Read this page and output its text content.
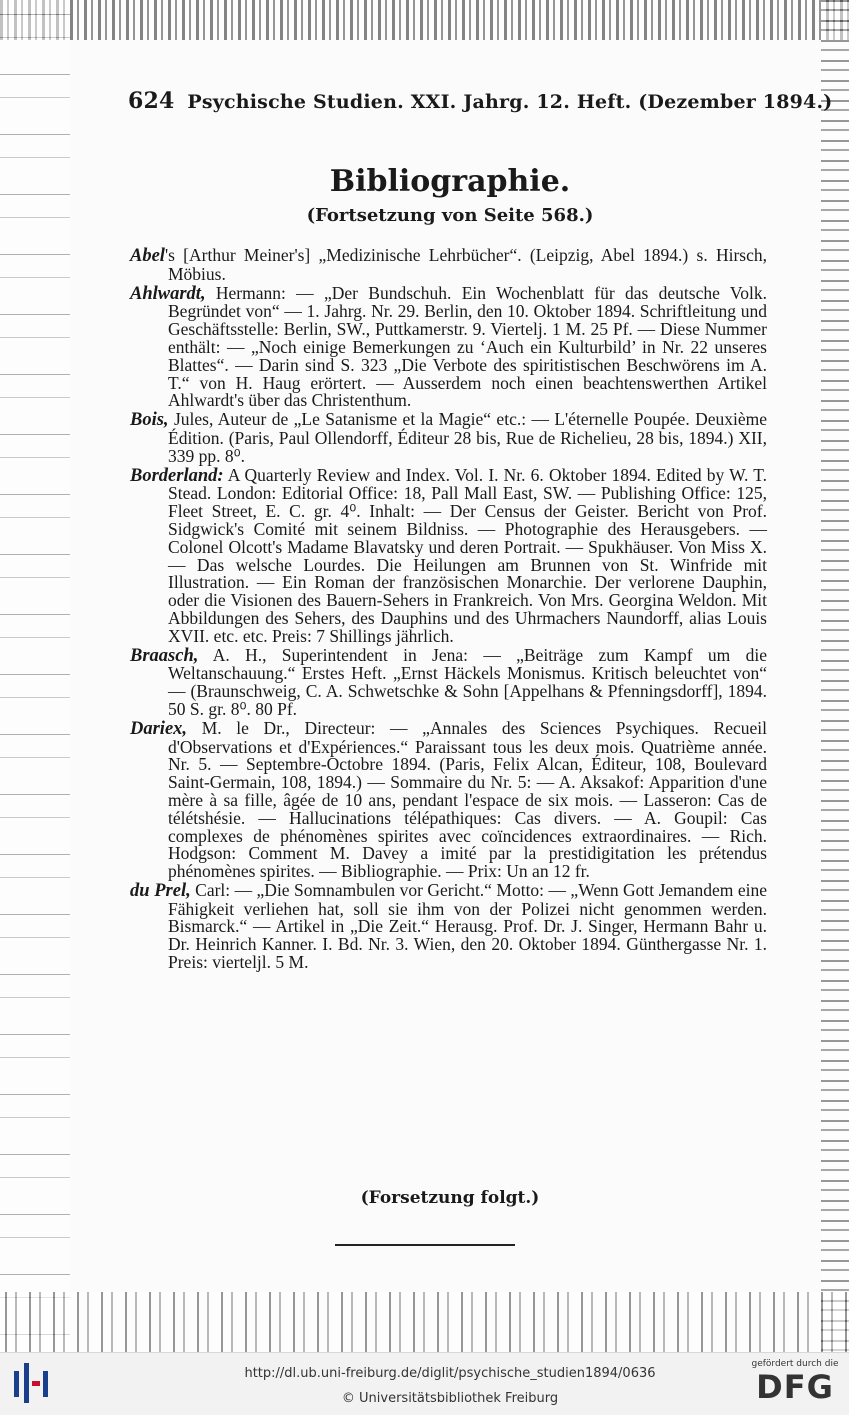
624 Psychische Studien. XXI. Jahrg. 12. Heft. (Dezember 1894.)
Bibliographie.
(Fortsetzung von Seite 568.)

Abel's [Arthur Meiner's] „Medizinische Lehrbücher“. (Leipzig, Abel 1894.) s. Hirsch, Möbius.

Ahlwardt, Hermann: — „Der Bundschuh. Ein Wochenblatt für das deutsche Volk. Begründet von“ — 1. Jahrg. Nr. 29. Berlin, den 10. Oktober 1894. Schriftleitung und Geschäftsstelle: Berlin, SW., Puttkamerstr. 9. Viertelj. 1 M. 25 Pf. — Diese Nummer enthält: — „Noch einige Bemerkungen zu ‘Auch ein Kulturbild’ in Nr. 22 unseres Blattes“. — Darin sind S. 323 „Die Verbote des spiritistischen Beschwörens im A. T.“ von H. Haug erörtert. — Ausserdem noch einen beachtenswerthen Artikel Ahlwardt's über das Christenthum.

Bois, Jules, Auteur de „Le Satanisme et la Magie“ etc.: — L'éternelle Poupée. Deuxième Édition. (Paris, Paul Ollendorff, Éditeur 28 bis, Rue de Richelieu, 28 bis, 1894.) XII, 339 pp. 8⁰.

Borderland: A Quarterly Review and Index. Vol. I. Nr. 6. Oktober 1894. Edited by W. T. Stead. London: Editorial Office: 18, Pall Mall East, SW. — Publishing Office: 125, Fleet Street, E. C. gr. 4⁰. Inhalt: — Der Census der Geister. Bericht von Prof. Sidgwick's Comité mit seinem Bildniss. — Photographie des Herausgebers. — Colonel Olcott's Madame Blavatsky und deren Portrait. — Spukhäuser. Von Miss X. — Das welsche Lourdes. Die Heilungen am Brunnen von St. Winfride mit Illustration. — Ein Roman der französischen Monarchie. Der verlorene Dauphin, oder die Visionen des Bauern-Sehers in Frankreich. Von Mrs. Georgina Weldon. Mit Abbildungen des Sehers, des Dauphins und des Uhrmachers Naundorff, alias Louis XVII. etc. etc. Preis: 7 Shillings jährlich.

Braasch, A. H., Superintendent in Jena: — „Beiträge zum Kampf um die Weltanschauung.“ Erstes Heft. „Ernst Häckels Monismus. Kritisch beleuchtet von“ — (Braunschweig, C. A. Schwetschke & Sohn [Appelhans & Pfenningsdorff], 1894. 50 S. gr. 8⁰. 80 Pf.

Dariex, M. le Dr., Directeur: — „Annales des Sciences Psychiques. Recueil d'Observations et d'Expériences.“ Paraissant tous les deux mois. Quatrième année. Nr. 5. — Septembre-Octobre 1894. (Paris, Felix Alcan, Éditeur, 108, Boulevard Saint-Germain, 108, 1894.) — Sommaire du Nr. 5: — A. Aksakof: Apparition d'une mère à sa fille, âgée de 10 ans, pendant l'espace de six mois. — Lasseron: Cas de télétshésie. — Hallucinations télépathiques: Cas divers. — A. Goupil: Cas complexes de phénomènes spirites avec coïncidences extraordinaires. — Rich. Hodgson: Comment M. Davey a imité par la prestidigitation les prétendus phénomènes spirites. — Bibliographie. — Prix: Un an 12 fr.

du Prel, Carl: — „Die Somnambulen vor Gericht.“ Motto: — „Wenn Gott Jemandem eine Fähigkeit verliehen hat, soll sie ihm von der Polizei nicht genommen werden. Bismarck.“ — Artikel in „Die Zeit.“ Herausg. Prof. Dr. J. Singer, Hermann Bahr u. Dr. Heinrich Kanner. I. Bd. Nr. 3. Wien, den 20. Oktober 1894. Günthergasse Nr. 1. Preis: vierteljl. 5 M.

(Forsetzung folgt.)
http://dl.ub.uni-freiburg.de/diglit/psychische_studien1894/0636
© Universitätsbibliothek Freiburg
gefördert durch die
DFG
